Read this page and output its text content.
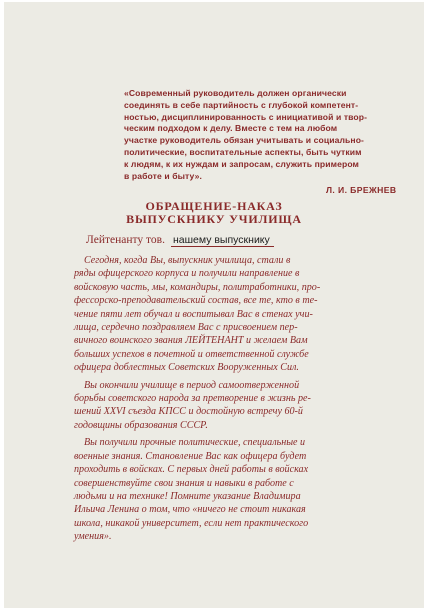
«Современный руководитель должен органически
соединять в себе партийность с глубокой компетент-
ностью, дисциплинированность с инициативой и твор-
ческим подходом к делу. Вместе с тем на любом
участке руководитель обязан учитывать и социально-
политические, воспитательные аспекты, быть чутким
к людям, к их нуждам и запросам, служить примером
в работе и быту».

Л. И. БРЕЖНЕВ
ОБРАЩЕНИЕ-НАКАЗ
ВЫПУСКНИКУ УЧИЛИЩА
Лейтенанту тов. нашему выпускнику

Сегодня, когда Вы, выпускник училища, стали в
ряды офицерского корпуса и получили направление в
войсковую часть, мы, командиры, политработники, про-
фессорско-преподавательский состав, все те, кто в те-
чение пяти лет обучал и воспитывал Вас в стенах учи-
лища, сердечно поздравляем Вас с присвоением пер-
вичного воинского звания ЛЕЙТЕНАНТ и желаем Вам
больших успехов в почетной и ответственной службе
офицера доблестных Советских Вооруженных Сил.

Вы окончили училище в период самоотверженной
борьбы советского народа за претворение в жизнь ре-
шений XXVI съезда КПСС и достойную встречу 60-й
годовщины образования СССР.

Вы получили прочные политические, специальные и
военные знания. Становление Вас как офицера будет
проходить в войсках. С первых дней работы в войсках
совершенствуйте свои знания и навыки в работе с
людьми и на технике! Помните указание Владимира
Ильича Ленина о том, что «ничего не стоит никакая
школа, никакой университет, если нет практического
умения».
